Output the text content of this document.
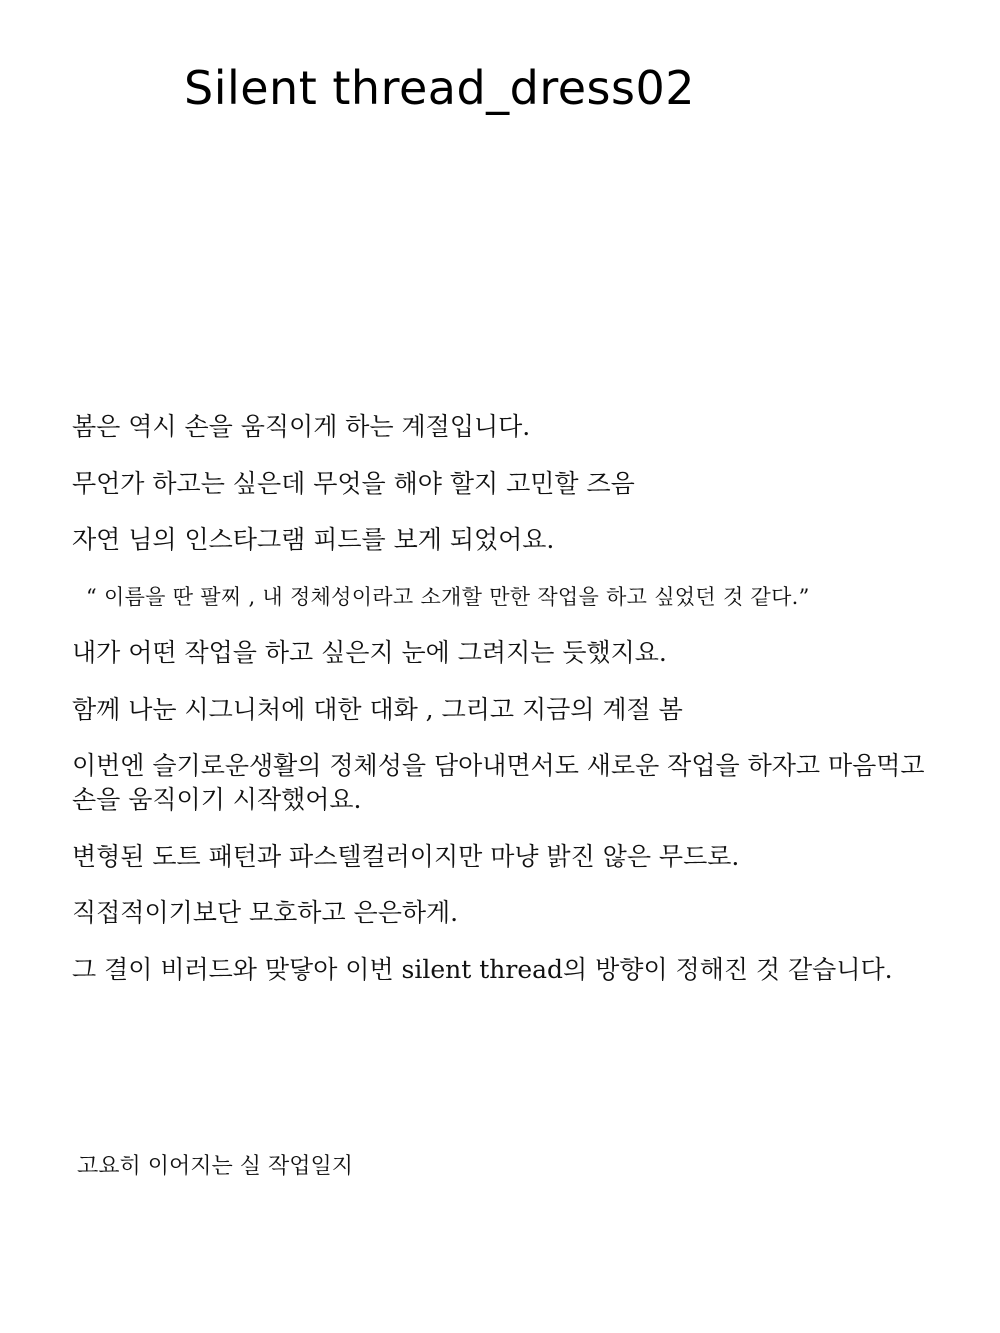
Silent thread_dress02

봄은 역시 손을 움직이게 하는 계절입니다.

무언가 하고는 싶은데 무엇을 해야 할지 고민할 즈음

자연 님의 인스타그램 피드를 보게 되었어요.

“ 이름을 딴 팔찌 , 내 정체성이라고 소개할 만한 작업을 하고 싶었던 것 같다.”

내가 어떤 작업을 하고 싶은지 눈에 그려지는 듯했지요.

함께 나눈 시그니처에 대한 대화 , 그리고 지금의 계절 봄

이번엔 슬기로운생활의 정체성을 담아내면서도 새로운 작업을 하자고 마음먹고 손을 움직이기 시작했어요.

변형된 도트 패턴과 파스텔컬러이지만 마냥 밝진 않은 무드로.

직접적이기보단 모호하고 은은하게.

그 결이 비러드와 맞닿아 이번 silent thread의 방향이 정해진 것 같습니다.

고요히 이어지는 실 작업일지
